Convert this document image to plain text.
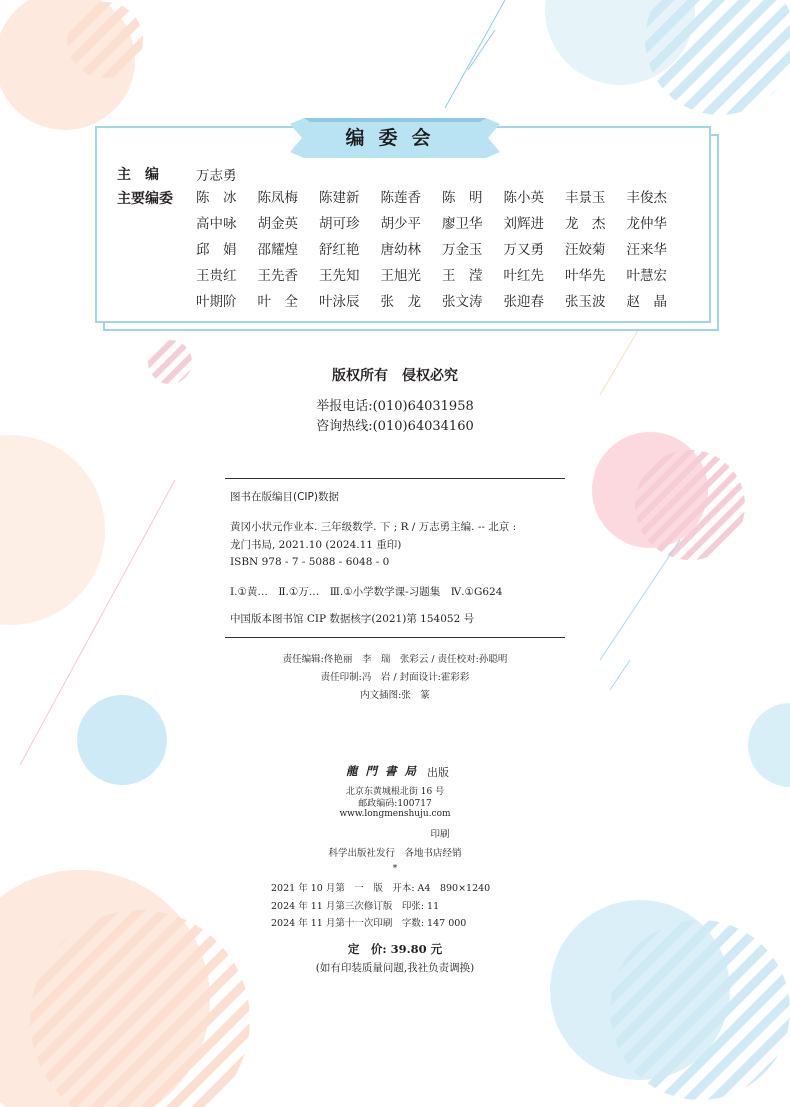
编委会
主　编	万志勇
主要编委 陈　冰	陈凤梅	陈建新	陈莲香	陈　明	陈小英	丰景玉	丰俊杰
高中咏	胡金英	胡可珍	胡少平	廖卫华	刘辉进	龙　杰	龙仲华
邱　娟	邵耀煌	舒红艳	唐幼林	万金玉	万又勇	汪姣菊	汪来华
王贵红	王先香	王先知	王旭光	王　滢	叶红先	叶华先	叶慧宏
叶期阶	叶　全	叶泳辰	张　龙	张文涛	张迎春	张玉波	赵　晶
版权所有　侵权必究
举报电话:(010)64031958
咨询热线:(010)64034160
图书在版编目(CIP)数据
黄冈小状元作业本. 三年级数学. 下 ; R / 万志勇主编. -- 北京 :
龙门书局, 2021.10 (2024.11 重印)
ISBN 978 - 7 - 5088 - 6048 - 0
Ⅰ.①黄…　Ⅱ.①万…　Ⅲ.①小学数学课-习题集　Ⅳ.①G624
中国版本图书馆 CIP 数据核字(2021)第 154052 号
责任编辑:佟艳丽　李　瑞　张彩云 / 责任校对:孙聪明
责任印制:冯　岩 / 封面设计:霍彩彩
内文插图:张　篆
龍門書局 出版
北京东黄城根北街 16 号
邮政编码:100717
www.longmenshuju.com
印刷
科学出版社发行　各地书店经销
*
2021 年 10 月第　一　版　开本: A4　890×1240
2024 年 11 月第三次修订版　印张: 11
2024 年 11 月第十一次印刷　字数: 147 000
定　价: 39.80 元
(如有印装质量问题,我社负责调换)
